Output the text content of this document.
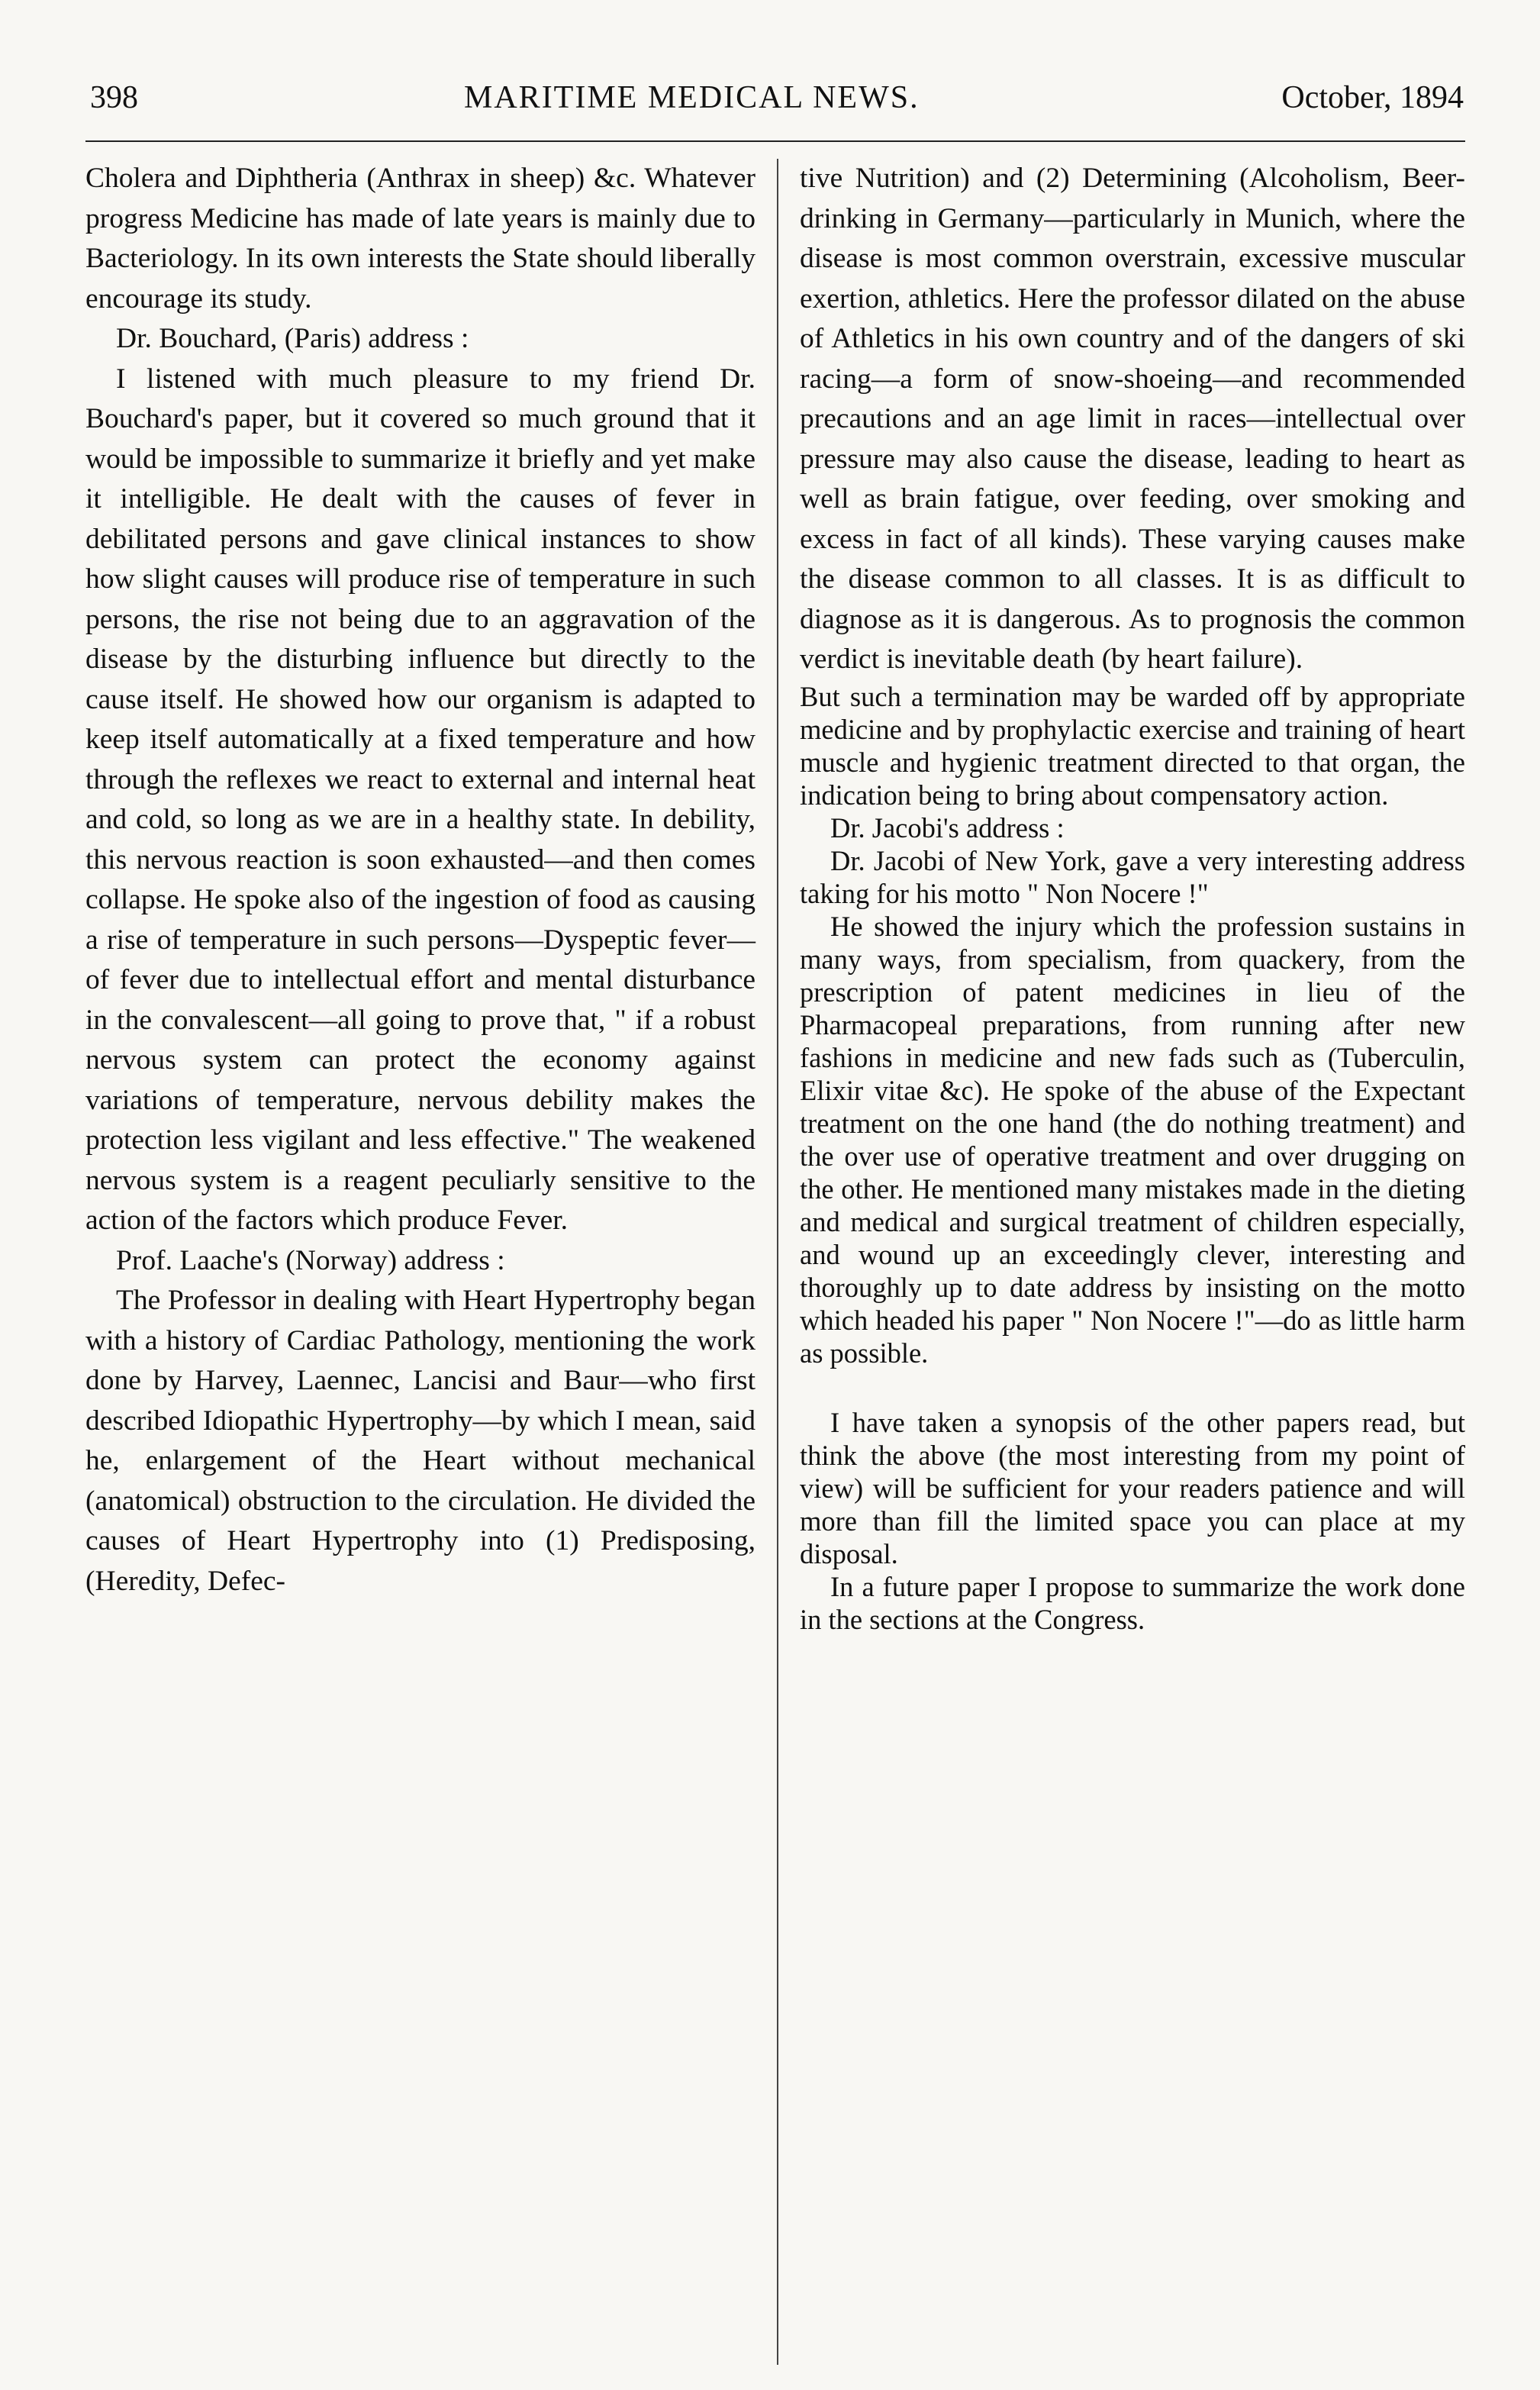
398	MARITIME MEDICAL NEWS.	October, 1894

Cholera and Diphtheria (Anthrax in sheep) &c. Whatever progress Medicine has made of late years is mainly due to Bacteriology. In its own interests the State should liberally encourage its study.

Dr. Bouchard, (Paris) address :

I listened with much pleasure to my friend Dr. Bouchard's paper, but it covered so much ground that it would be impossible to summarize it briefly and yet make it intelligible. He dealt with the causes of fever in debilitated persons and gave clinical instances to show how slight causes will produce rise of temperature in such persons, the rise not being due to an aggravation of the disease by the disturbing influence but directly to the cause itself. He showed how our organism is adapted to keep itself automatically at a fixed temperature and how through the reflexes we react to external and internal heat and cold, so long as we are in a healthy state. In debility, this nervous reaction is soon exhausted—and then comes collapse. He spoke also of the ingestion of food as causing a rise of temperature in such persons—Dyspeptic fever—of fever due to intellectual effort and mental disturbance in the convalescent—all going to prove that, " if a robust nervous system can protect the economy against variations of temperature, nervous debility makes the protection less vigilant and less effective." The weakened nervous system is a reagent peculiarly sensitive to the action of the factors which produce Fever.

Prof. Laache's (Norway) address :

The Professor in dealing with Heart Hypertrophy began with a history of Cardiac Pathology, mentioning the work done by Harvey, Laennec, Lancisi and Baur—who first described Idiopathic Hypertrophy—by which I mean, said he, enlargement of the Heart without mechanical (anatomical) obstruction to the circulation. He divided the causes of Heart Hypertrophy into (1) Predisposing, (Heredity, Defec-

tive Nutrition) and (2) Determining (Alcoholism, Beer-drinking in Germany—particularly in Munich, where the disease is most common overstrain, excessive muscular exertion, athletics. Here the professor dilated on the abuse of Athletics in his own country and of the dangers of ski racing—a form of snow-shoeing—and recommended precautions and an age limit in races—intellectual over pressure may also cause the disease, leading to heart as well as brain fatigue, over feeding, over smoking and excess in fact of all kinds). These varying causes make the disease common to all classes. It is as difficult to diagnose as it is dangerous. As to prognosis the common verdict is inevitable death (by heart failure).

But such a termination may be warded off by appropriate medicine and by prophylactic exercise and training of heart muscle and hygienic treatment directed to that organ, the indication being to bring about compensatory action.

Dr. Jacobi's address :

Dr. Jacobi of New York, gave a very interesting address taking for his motto " Non Nocere !"

He showed the injury which the profession sustains in many ways, from specialism, from quackery, from the prescription of patent medicines in lieu of the Pharmacopeal preparations, from running after new fashions in medicine and new fads such as (Tuberculin, Elixir vitae &c). He spoke of the abuse of the Expectant treatment on the one hand (the do nothing treatment) and the over use of operative treatment and over drugging on the other. He mentioned many mistakes made in the dieting and medical and surgical treatment of children especially, and wound up an exceedingly clever, interesting and thoroughly up to date address by insisting on the motto which headed his paper " Non Nocere !"—do as little harm as possible.

I have taken a synopsis of the other papers read, but think the above (the most interesting from my point of view) will be sufficient for your readers patience and will more than fill the limited space you can place at my disposal.

In a future paper I propose to summarize the work done in the sections at the Congress.
